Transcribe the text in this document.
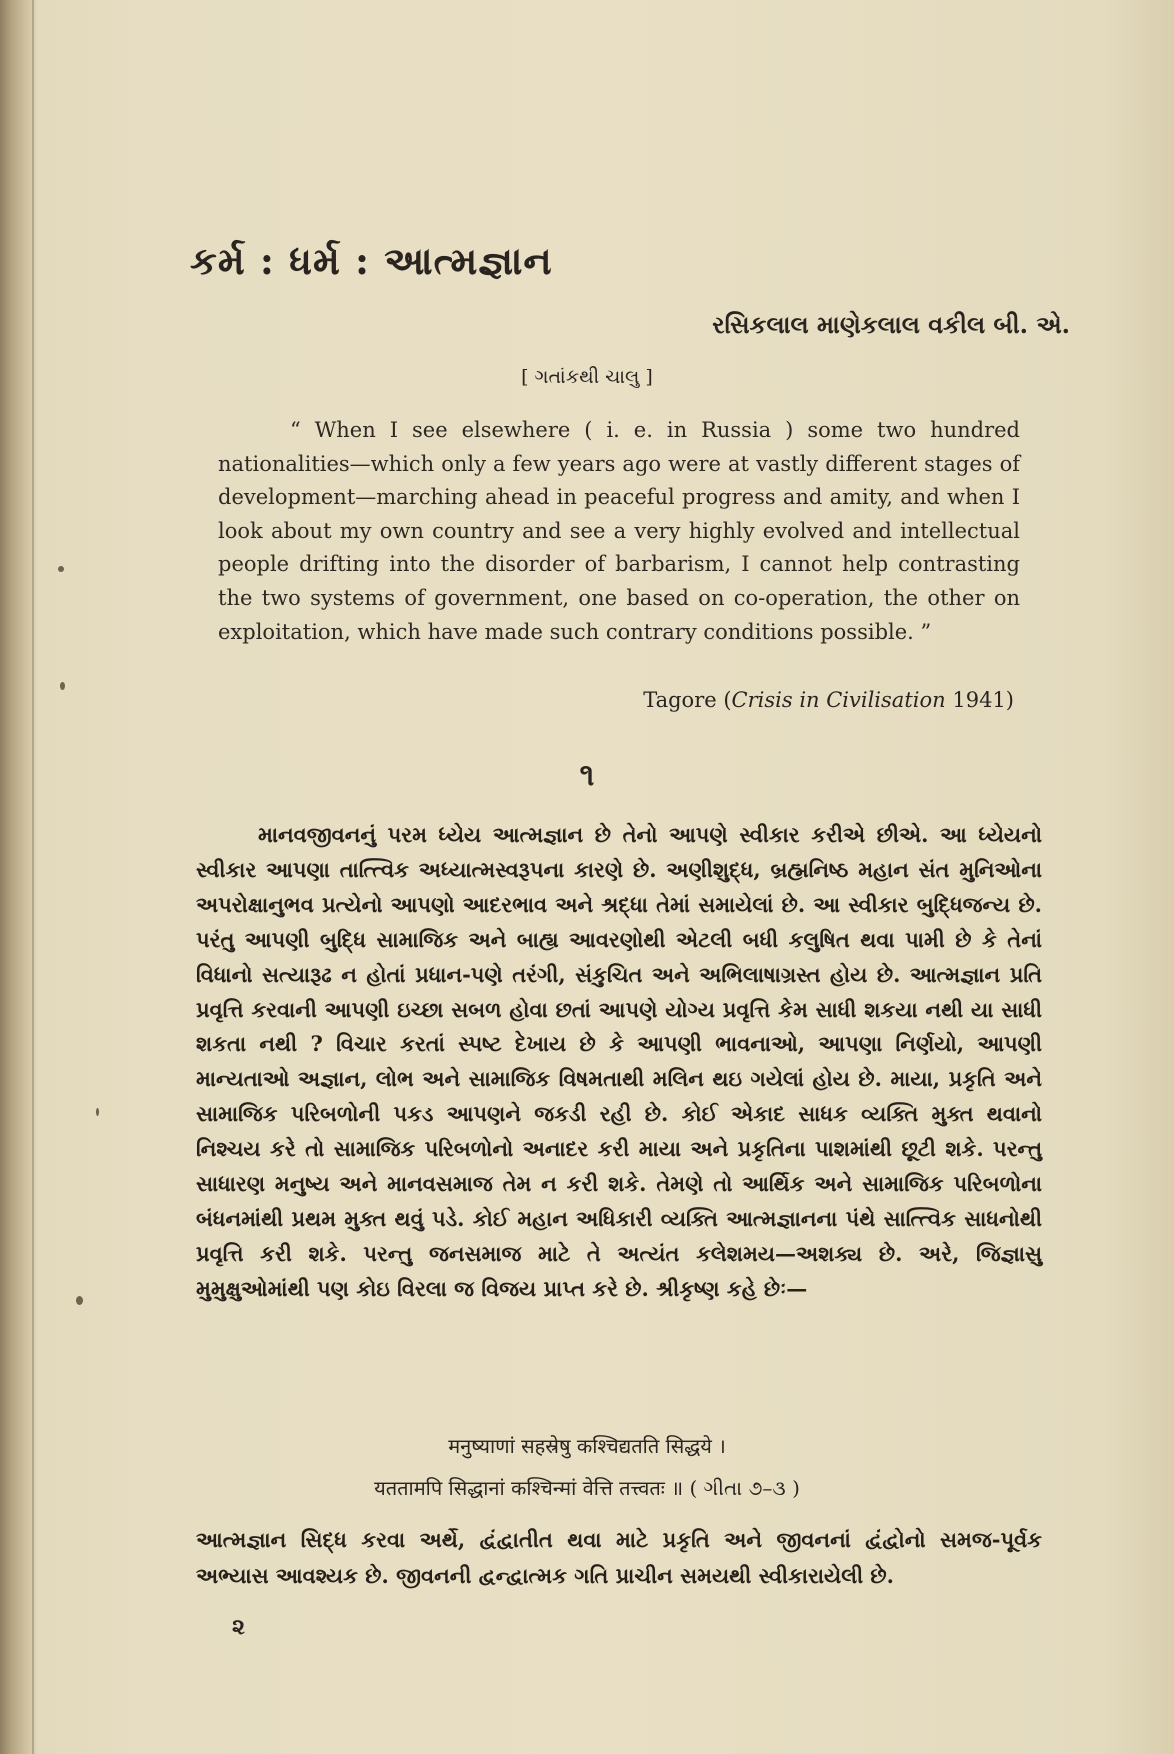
કર્મ : ધર્મ : આત્મજ્ઞાન
રસિકલાલ માણેકલાલ વકીલ બી. એ.
[ ગતાંકથી ચાલુ ]

“ When I see elsewhere ( i. e. in Russia ) some two hundred nationalities—which only a few years ago were at vastly different stages of development—marching ahead in peaceful progress and amity, and when I look about my own country and see a very highly evolved and intellectual people drifting into the disorder of barbarism, I cannot help contrasting the two systems of government, one based on co-operation, the other on exploitation, which have made such contrary conditions possible. ”

Tagore (Crisis in Civilisation 1941)
૧

માનવજીવનનું પરમ ધ્યેય આત્મજ્ઞાન છે તેનો આપણે સ્વીકાર કરીએ છીએ. આ ધ્યેયનો સ્વીકાર આપણા તાત્ત્વિક અધ્યાત્મસ્વરૂપના કારણે છે. અણીશુદ્ધ, બ્રહ્મનિષ્ઠ મહાન સંત મુનિઓના અપરોક્ષાનુભવ પ્રત્યેનો આપણો આદરભાવ અને શ્રદ્ધા તેમાં સમાયેલાં છે. આ સ્વીકાર બુદ્ધિજન્ય છે. પરંતુ આપણી બુદ્ધિ સામાજિક અને બાહ્ય આવરણોથી એટલી બધી કલુષિત થવા પામી છે કે તેનાં વિધાનો સત્યારૂઢ ન હોતાં પ્રધાન-પણે તરંગી, સંકુચિત અને અભિલાષાગ્રસ્ત હોય છે. આત્મજ્ઞાન પ્રતિ પ્રવૃત્તિ કરવાની આપણી ઇચ્છા સબળ હોવા છતાં આપણે યોગ્ય પ્રવૃત્તિ કેમ સાધી શકયા નથી યા સાધી શકતા નથી ? વિચાર કરતાં સ્પષ્ટ દેખાય છે કે આપણી ભાવનાઓ, આપણા નિર્ણયો, આપણી માન્યતાઓ અજ્ઞાન, લોભ અને સામાજિક વિષમતાથી મલિન થઇ ગયેલાં હોય છે. માયા, પ્રકૃતિ અને સામાજિક પરિબળોની પકડ આપણને જકડી રહી છે. કોઈ એકાદ સાધક વ્યક્તિ મુક્ત થવાનો નિશ્ચય કરે તો સામાજિક પરિબળોનો અનાદર કરી માયા અને પ્રકૃતિના પાશમાંથી છૂટી શકે. પરન્તુ સાધારણ મનુષ્ય અને માનવસમાજ તેમ ન કરી શકે. તેમણે તો આર્થિક અને સામાજિક પરિબળોના બંધનમાંથી પ્રથમ મુક્ત થવું પડે. કોઈ મહાન અધિકારી વ્યક્તિ આત્મજ્ઞાનના પંથે સાત્ત્વિક સાધનોથી પ્રવૃત્તિ કરી શકે. પરન્તુ જનસમાજ માટે તે અત્યંત કલેશમય—અશક્ય છે. અરે, જિજ્ઞાસુ મુમુક્ષુઓમાંથી પણ કોઇ વિરલા જ વિજય પ્રાપ્ત કરે છે. શ્રીકૃષ્ણ કહે છેઃ—

मनुष्याणां सहस्रेषु कश्चिद्यतति सिद्धये ।
यततामपि सिद्धानां कश्चिन्मां वेत्ति तत्त्वतः ॥ ( ગીતા ૭–૩ )

આત્મજ્ઞાન સિદ્ધ કરવા અર્થે, દ્વંદ્વાતીત થવા માટે પ્રકૃતિ અને જીવનનાં દ્વંદ્વોનો સમજ-પૂર્વક અભ્યાસ આવશ્યક છે. જીવનની દ્વન્દ્વાત્મક ગતિ પ્રાચીન સમયથી સ્વીકારાયેલી છે.

૨
